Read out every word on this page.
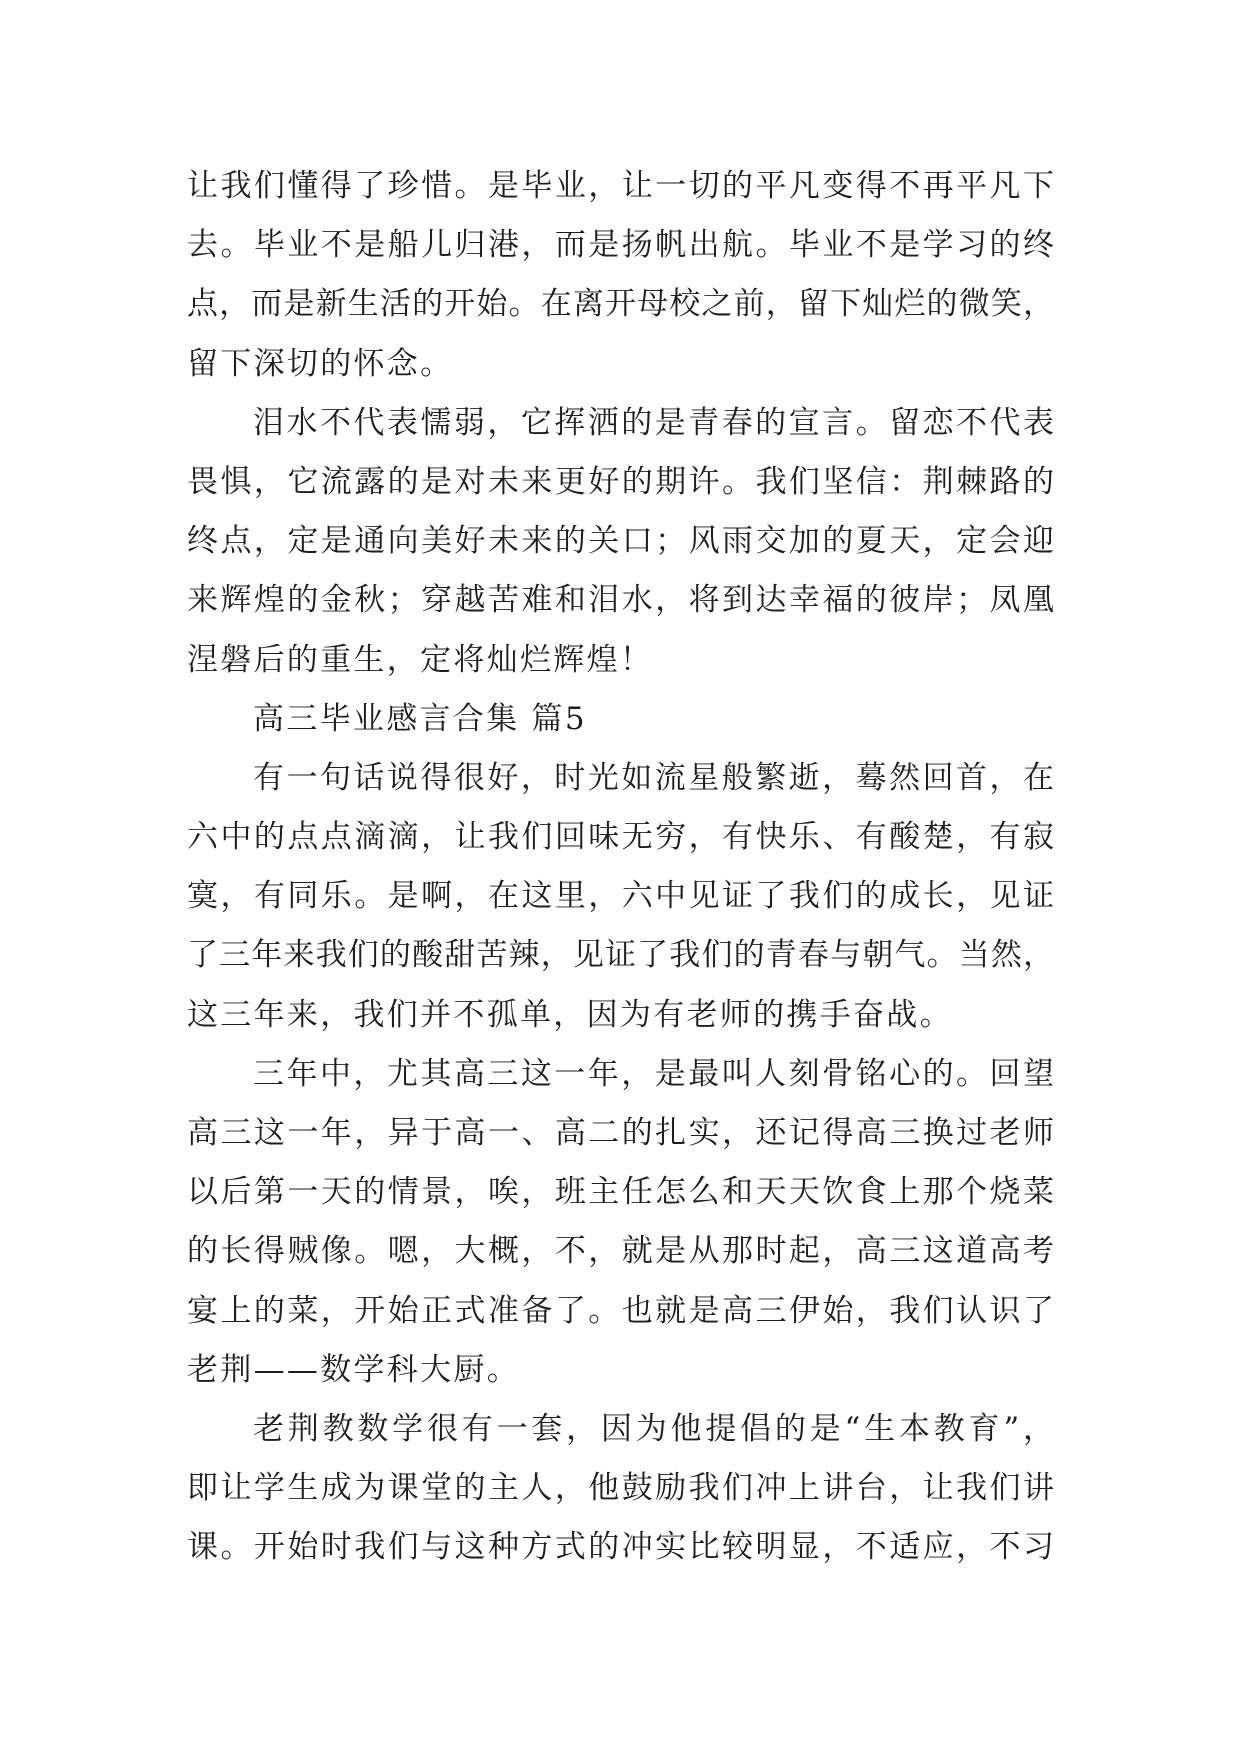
让我们懂得了珍惜。是毕业，让一切的平凡变得不再平凡下
去。毕业不是船儿归港，而是扬帆出航。毕业不是学习的终
点，而是新生活的开始。在离开母校之前，留下灿烂的微笑，
留下深切的怀念。
泪水不代表懦弱，它挥洒的是青春的宣言。留恋不代表
畏惧，它流露的是对未来更好的期许。我们坚信：荆棘路的
终点，定是通向美好未来的关口；风雨交加的夏天，定会迎
来辉煌的金秋；穿越苦难和泪水，将到达幸福的彼岸；凤凰
涅磐后的重生，定将灿烂辉煌！
高三毕业感言合集 篇5
有一句话说得很好，时光如流星般繁逝，蓦然回首，在
六中的点点滴滴，让我们回味无穷，有快乐、有酸楚，有寂
寞，有同乐。是啊，在这里，六中见证了我们的成长，见证
了三年来我们的酸甜苦辣，见证了我们的青春与朝气。当然，
这三年来，我们并不孤单，因为有老师的携手奋战。
三年中，尤其高三这一年，是最叫人刻骨铭心的。回望
高三这一年，异于高一、高二的扎实，还记得高三换过老师
以后第一天的情景，唉，班主任怎么和天天饮食上那个烧菜
的长得贼像。嗯，大概，不，就是从那时起，高三这道高考
宴上的菜，开始正式准备了。也就是高三伊始，我们认识了
老荆——数学科大厨。
老荆教数学很有一套，因为他提倡的是“生本教育”，
即让学生成为课堂的主人，他鼓励我们冲上讲台，让我们讲
课。开始时我们与这种方式的冲实比较明显，不适应，不习
